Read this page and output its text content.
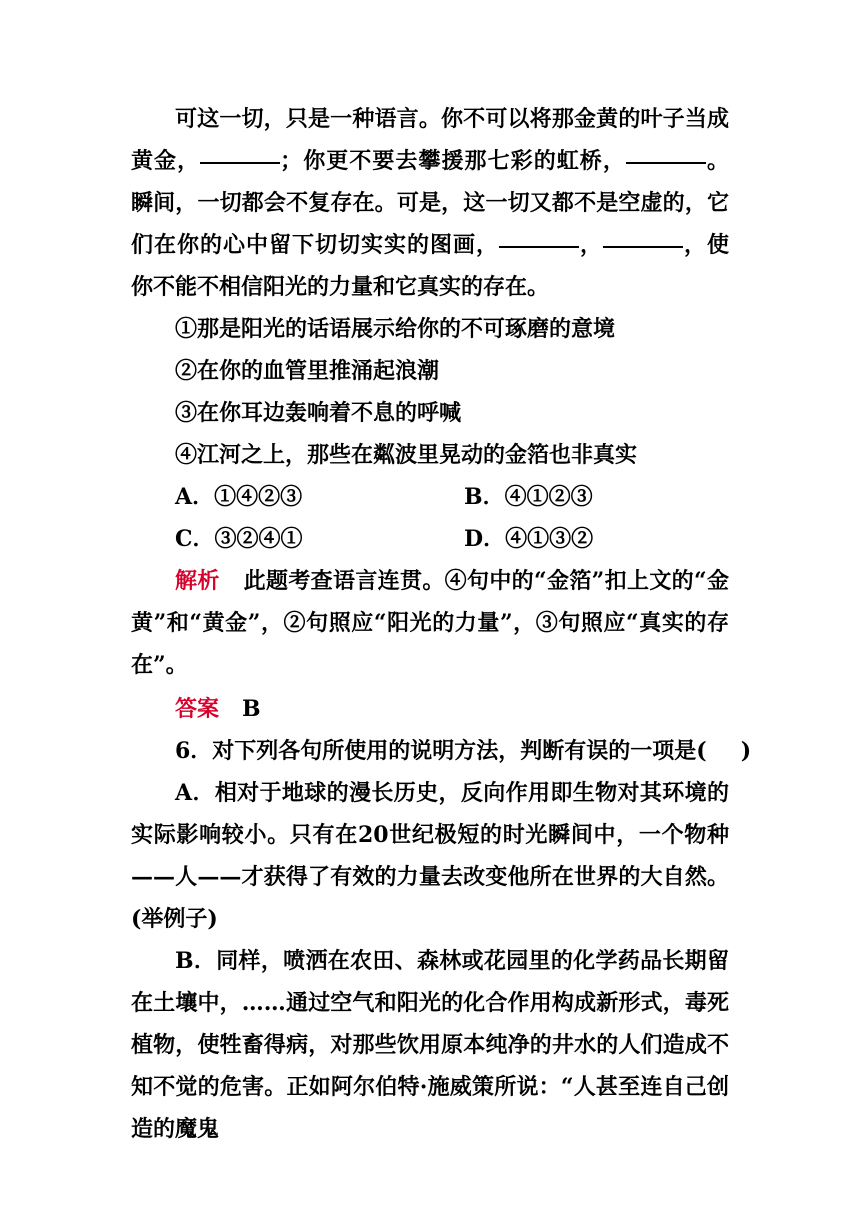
可这一切，只是一种语言。你不可以将那金黄的叶子当成黄金，	；你更不要去攀援那七彩的虹桥，	。瞬间，一切都会不复存在。可是，这一切又都不是空虚的，它们在你的心中留下切切实实的图画，	，	，使你不能不相信阳光的力量和它真实的存在。
①那是阳光的话语展示给你的不可琢磨的意境
②在你的血管里推涌起浪潮
③在你耳边轰响着不息的呼喊
④江河之上，那些在粼波里晃动的金箔也非真实
A．①④②③	B．④①②③
C．③②④①	D．④①③②
解析 此题考查语言连贯。④句中的“金箔”扣上文的“金黄”和“黄金”，②句照应“阳光的力量”，③句照应“真实的存在”。
答案 B
6．对下列各句所使用的说明方法，判断有误的一项是( )
A．相对于地球的漫长历史，反向作用即生物对其环境的实际影响较小。只有在20世纪极短的时光瞬间中，一个物种——人——才获得了有效的力量去改变他所在世界的大自然。(举例子)
B．同样，喷洒在农田、森林或花园里的化学药品长期留在土壤中，……通过空气和阳光的化合作用构成新形式，毒死植物，使牲畜得病，对那些饮用原本纯净的井水的人们造成不知不觉的危害。正如阿尔伯特·施威策所说：“人甚至连自己创造的魔鬼
